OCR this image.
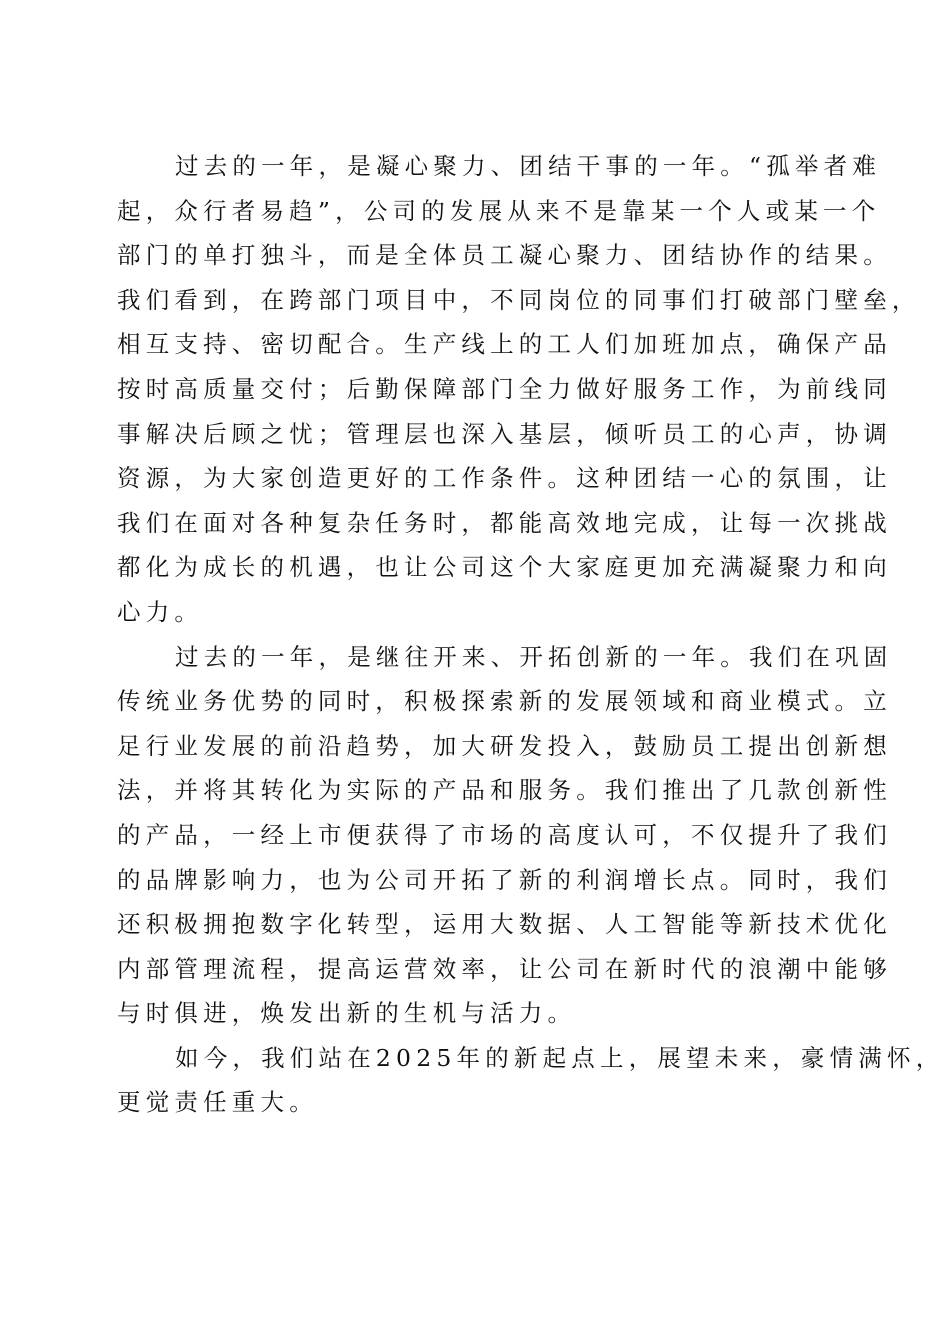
过去的一年，是凝心聚力、团结干事的一年。“孤举者难
起，众行者易趋”，公司的发展从来不是靠某一个人或某一个
部门的单打独斗，而是全体员工凝心聚力、团结协作的结果。
我们看到，在跨部门项目中，不同岗位的同事们打破部门壁垒，
相互支持、密切配合。生产线上的工人们加班加点，确保产品
按时高质量交付；后勤保障部门全力做好服务工作，为前线同
事解决后顾之忧；管理层也深入基层，倾听员工的心声，协调
资源，为大家创造更好的工作条件。这种团结一心的氛围，让
我们在面对各种复杂任务时，都能高效地完成，让每一次挑战
都化为成长的机遇，也让公司这个大家庭更加充满凝聚力和向
心力。
过去的一年，是继往开来、开拓创新的一年。我们在巩固
传统业务优势的同时，积极探索新的发展领域和商业模式。立
足行业发展的前沿趋势，加大研发投入，鼓励员工提出创新想
法，并将其转化为实际的产品和服务。我们推出了几款创新性
的产品，一经上市便获得了市场的高度认可，不仅提升了我们
的品牌影响力，也为公司开拓了新的利润增长点。同时，我们
还积极拥抱数字化转型，运用大数据、人工智能等新技术优化
内部管理流程，提高运营效率，让公司在新时代的浪潮中能够
与时俱进，焕发出新的生机与活力。
如今，我们站在2025年的新起点上，展望未来，豪情满怀，
更觉责任重大。
